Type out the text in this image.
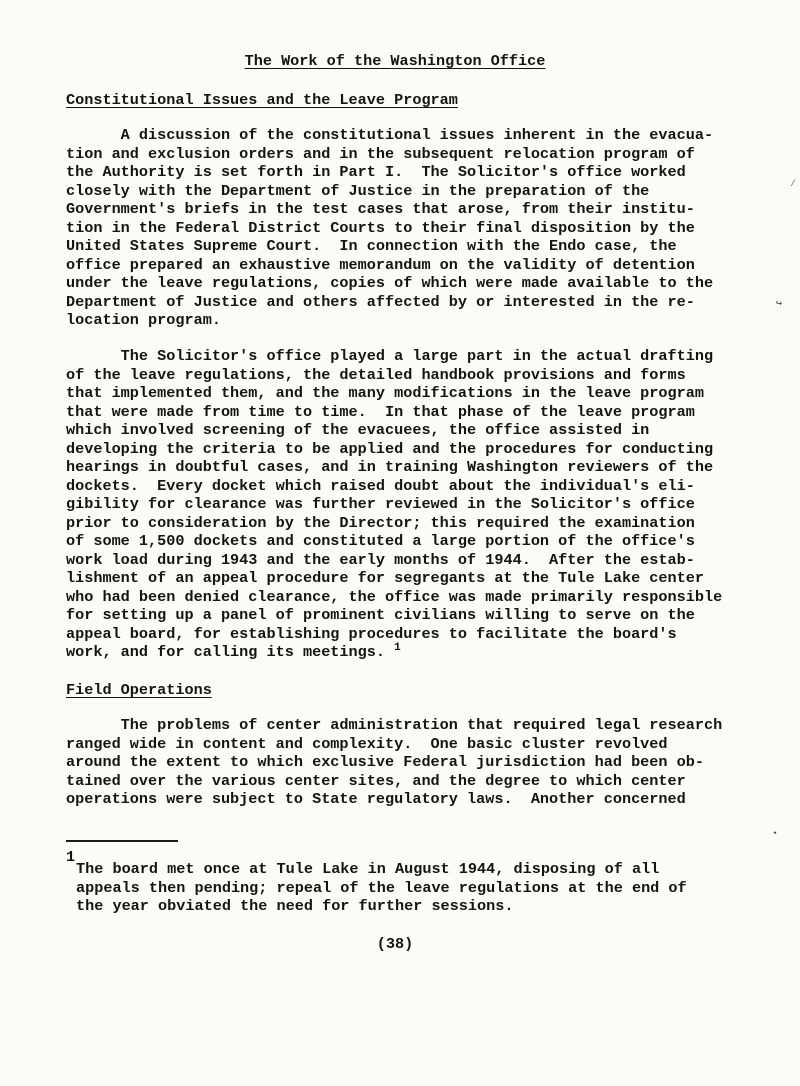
The Work of the Washington Office
Constitutional Issues and the Leave Program
A discussion of the constitutional issues inherent in the evacua-
tion and exclusion orders and in the subsequent relocation program of
the Authority is set forth in Part I.  The Solicitor's office worked
closely with the Department of Justice in the preparation of the
Government's briefs in the test cases that arose, from their institu-
tion in the Federal District Courts to their final disposition by the
United States Supreme Court.  In connection with the Endo case, the
office prepared an exhaustive memorandum on the validity of detention
under the leave regulations, copies of which were made available to the
Department of Justice and others affected by or interested in the re-
location program.
The Solicitor's office played a large part in the actual drafting
of the leave regulations, the detailed handbook provisions and forms
that implemented them, and the many modifications in the leave program
that were made from time to time.  In that phase of the leave program
which involved screening of the evacuees, the office assisted in
developing the criteria to be applied and the procedures for conducting
hearings in doubtful cases, and in training Washington reviewers of the
dockets.  Every docket which raised doubt about the individual's eli-
gibility for clearance was further reviewed in the Solicitor's office
prior to consideration by the Director; this required the examination
of some 1,500 dockets and constituted a large portion of the office's
work load during 1943 and the early months of 1944.  After the estab-
lishment of an appeal procedure for segregants at the Tule Lake center
who had been denied clearance, the office was made primarily responsible
for setting up a panel of prominent civilians willing to serve on the
appeal board, for establishing procedures to facilitate the board's
work, and for calling its meetings. $^1$
Field Operations
The problems of center administration that required legal research
ranged wide in content and complexity.  One basic cluster revolved
around the extent to which exclusive Federal jurisdiction had been ob-
tained over the various center sites, and the degree to which center
operations were subject to State regulatory laws.  Another concerned
1
The board met once at Tule Lake in August 1944, disposing of all
appeals then pending; repeal of the leave regulations at the end of
the year obviated the need for further sessions.
(38)
↪
⋆
⁄
